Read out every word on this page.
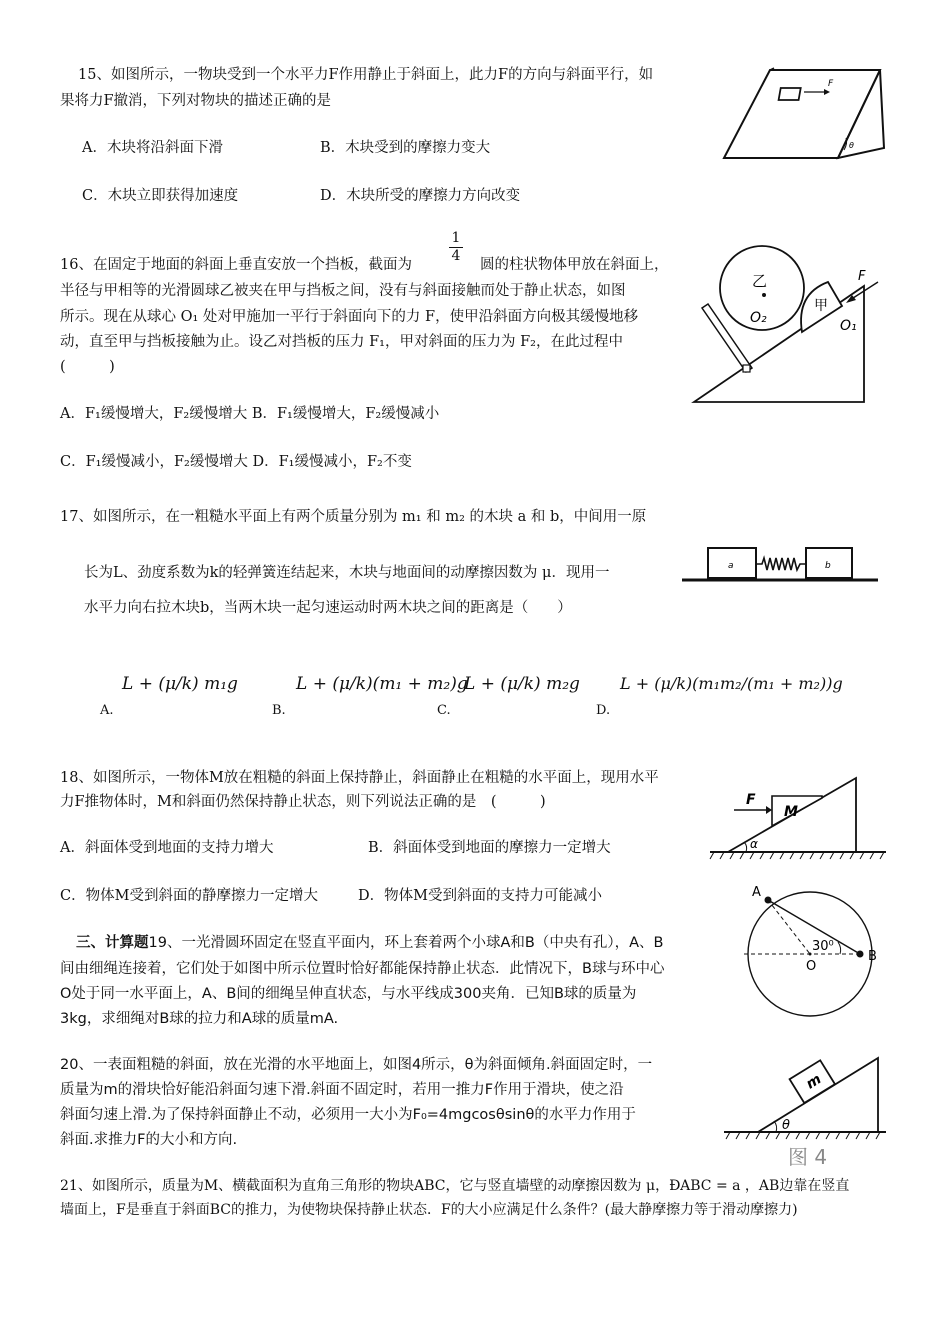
15、如图所示，一物块受到一个水平力F作用静止于斜面上，此力F的方向与斜面平行，如
果将力F撤消，下列对物块的描述正确的是
A．木块将沿斜面下滑	B．木块受到的摩擦力变大
C．木块立即获得加速度	D．木块所受的摩擦力方向改变
F
θ
$\frac{1}{4}$
16、在固定于地面的斜面上垂直安放一个挡板，截面为	圆的柱状物体甲放在斜面上，
半径与甲相等的光滑圆球乙被夹在甲与挡板之间，没有与斜面接触而处于静止状态，如图
所示。现在从球心 O₁ 处对甲施加一平行于斜面向下的力 F，使甲沿斜面方向极其缓慢地移
动，直至甲与挡板接触为止。设乙对挡板的压力 F₁，甲对斜面的压力为 F₂，在此过程中
(　　　)
A．F₁缓慢增大，F₂缓慢增大 B．F₁缓慢增大，F₂缓慢减小
C．F₁缓慢减小，F₂缓慢增大 D．F₁缓慢减小，F₂不变
乙
O₂
甲
O₁
F
17、如图所示，在一粗糙水平面上有两个质量分别为 m₁ 和 m₂ 的木块 a 和 b，中间用一原
长为L、劲度系数为k的轻弹簧连结起来，木块与地面间的动摩擦因数为 μ．现用一
水平力向右拉木块b，当两木块一起匀速运动时两木块之间的距离是（　　）
a	b
A.
L + (μ/k) m₁g
B.
L + (μ/k)(m₁ + m₂)g
C.
L + (μ/k) m₂g
D.
L + (μ/k)(m₁m₂/(m₁ + m₂))g
18、如图所示，一物体M放在粗糙的斜面上保持静止，斜面静止在粗糙的水平面上，现用水平
力F推物体时，M和斜面仍然保持静止状态，则下列说法正确的是　(　　　)
A．斜面体受到地面的支持力增大	B．斜面体受到地面的摩擦力一定增大
C．物体M受到斜面的静摩擦力一定增大	D．物体M受到斜面的支持力可能减小
M
F
α
三、计算题19、一光滑圆环固定在竖直平面内，环上套着两个小球A和B（中央有孔），A、B
间由细绳连接着，它们处于如图中所示位置时恰好都能保持静止状态．此情况下，B球与环中心
O处于同一水平面上，A、B间的细绳呈伸直状态，与水平线成300夹角．已知B球的质量为
3kg，求细绳对B球的拉力和A球的质量mA.
A
B
O
30⁰
20、一表面粗糙的斜面，放在光滑的水平地面上，如图4所示，θ为斜面倾角.斜面固定时，一
质量为m的滑块恰好能沿斜面匀速下滑.斜面不固定时，若用一推力F作用于滑块，使之沿
斜面匀速上滑.为了保持斜面静止不动，必须用一大小为F₀=4mgcosθsinθ的水平力作用于
斜面.求推力F的大小和方向.
m
θ
图 4
21、如图所示，质量为M、横截面积为直角三角形的物块ABC，它与竖直墙壁的动摩擦因数为 μ，ÐABC = a ，AB边靠在竖直
墙面上，F是垂直于斜面BC的推力，为使物块保持静止状态．F的大小应满足什么条件？(最大静摩擦力等于滑动摩擦力)
